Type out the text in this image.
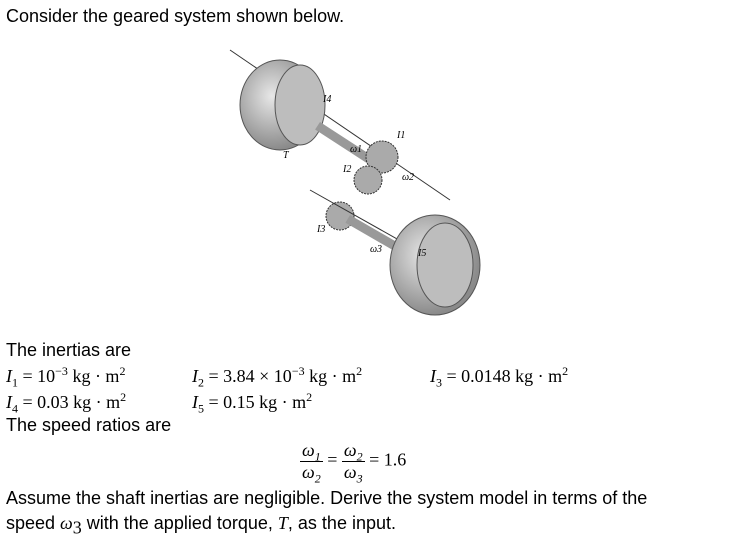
Consider the geared system shown below.
I4
T
I1
ω1
I2
ω2
I3
ω3	I5
The inertias are
$I_1 = 10^{-3}$ kg · $m^2$	$I_2 = 3.84 \times 10^{-3}$ kg · $m^2$	$I_3 = 0.0148$ kg · $m^2$
$I_4 = 0.03$ kg · $m^2$	$I_5 = 0.15$ kg · $m^2$
The speed ratios are
$\frac{\omega_1}{\omega_2} = \frac{\omega_2}{\omega_3} = 1.6$
Assume the shaft inertias are negligible. Derive the system model in terms of the
speed $\omega_3$ with the applied torque, T, as the input.
